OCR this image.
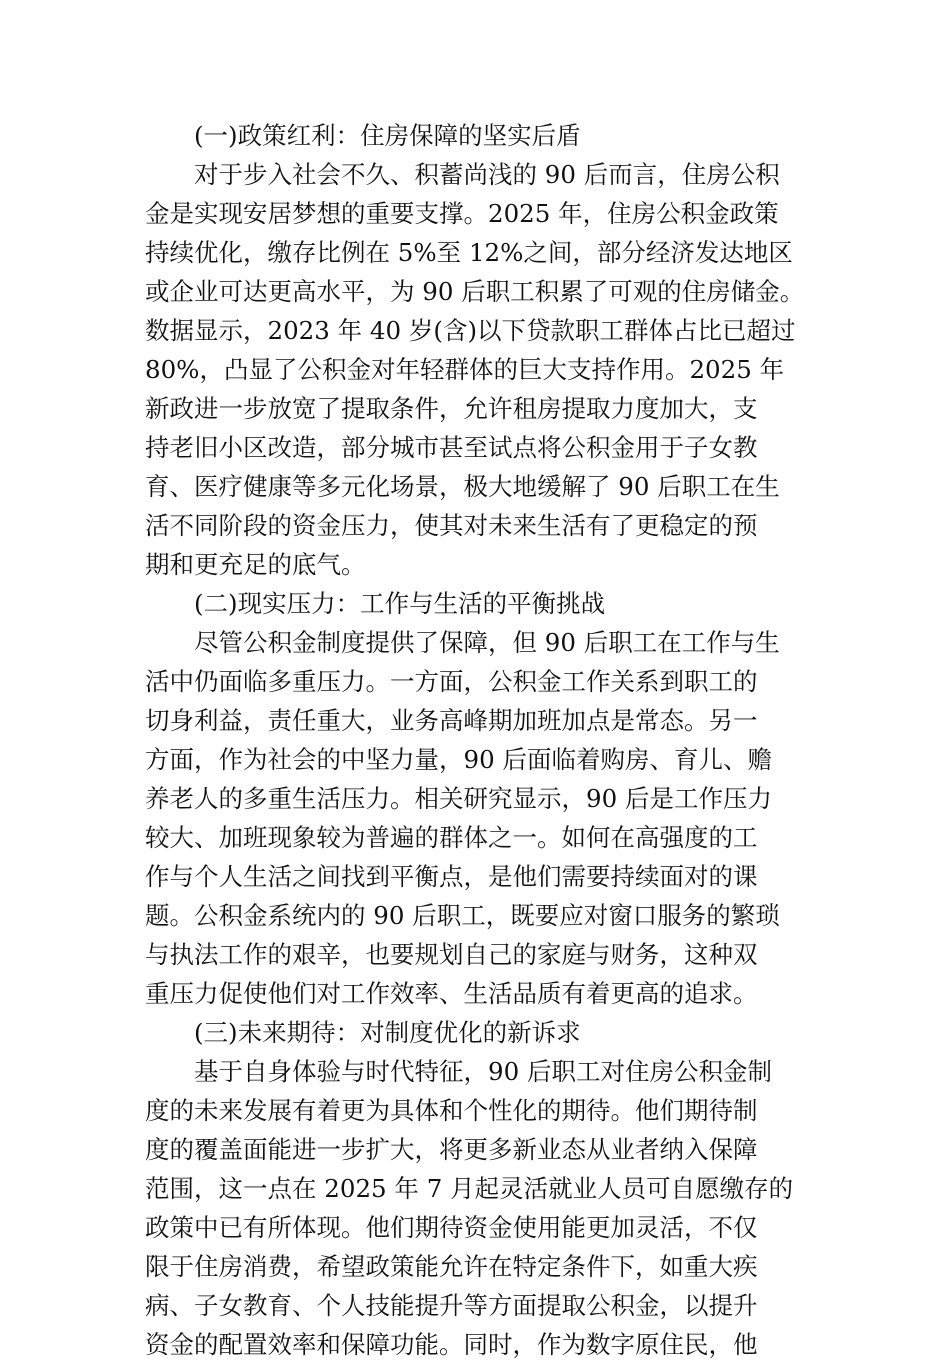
(一)政策红利：住房保障的坚实后盾
对于步入社会不久、积蓄尚浅的 90 后而言，住房公积
金是实现安居梦想的重要支撑。2025 年，住房公积金政策
持续优化，缴存比例在 5%至 12%之间，部分经济发达地区
或企业可达更高水平，为 90 后职工积累了可观的住房储金。
数据显示，2023 年 40 岁(含)以下贷款职工群体占比已超过
80%，凸显了公积金对年轻群体的巨大支持作用。2025 年
新政进一步放宽了提取条件，允许租房提取力度加大，支
持老旧小区改造，部分城市甚至试点将公积金用于子女教
育、医疗健康等多元化场景，极大地缓解了 90 后职工在生
活不同阶段的资金压力，使其对未来生活有了更稳定的预
期和更充足的底气。
(二)现实压力：工作与生活的平衡挑战
尽管公积金制度提供了保障，但 90 后职工在工作与生
活中仍面临多重压力。一方面，公积金工作关系到职工的
切身利益，责任重大，业务高峰期加班加点是常态。另一
方面，作为社会的中坚力量，90 后面临着购房、育儿、赡
养老人的多重生活压力。相关研究显示，90 后是工作压力
较大、加班现象较为普遍的群体之一。如何在高强度的工
作与个人生活之间找到平衡点，是他们需要持续面对的课
题。公积金系统内的 90 后职工，既要应对窗口服务的繁琐
与执法工作的艰辛，也要规划自己的家庭与财务，这种双
重压力促使他们对工作效率、生活品质有着更高的追求。
(三)未来期待：对制度优化的新诉求
基于自身体验与时代特征，90 后职工对住房公积金制
度的未来发展有着更为具体和个性化的期待。他们期待制
度的覆盖面能进一步扩大，将更多新业态从业者纳入保障
范围，这一点在 2025 年 7 月起灵活就业人员可自愿缴存的
政策中已有所体现。他们期待资金使用能更加灵活，不仅
限于住房消费，希望政策能允许在特定条件下，如重大疾
病、子女教育、个人技能提升等方面提取公积金，以提升
资金的配置效率和保障功能。同时，作为数字原住民，他
